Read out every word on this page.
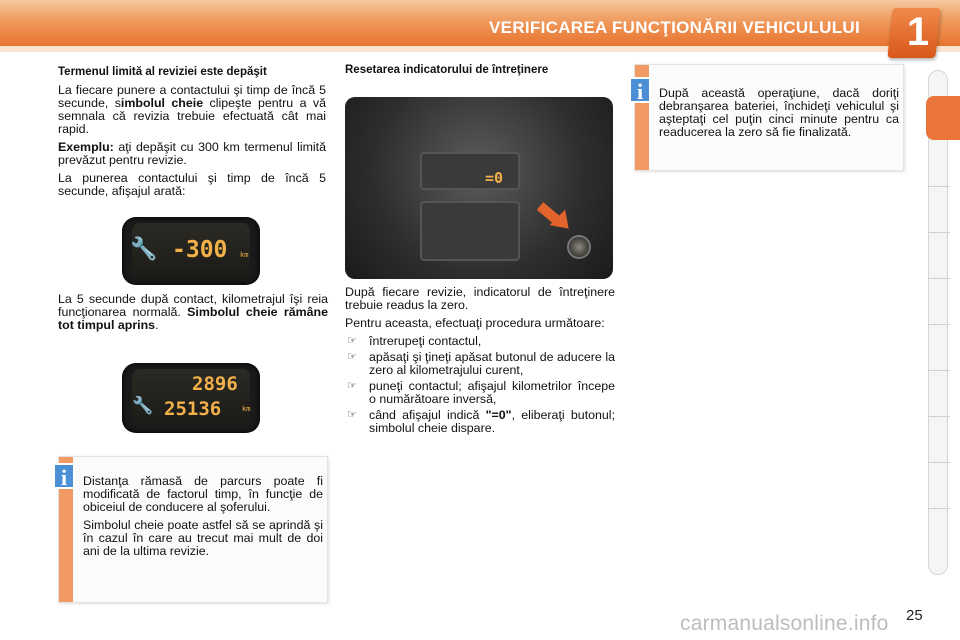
VERIFICAREA FUNCŢIONĂRII VEHICULULUI 1
Termenul limită al reviziei este depăşit

La fiecare punere a contactului şi timp de încă 5 secunde, simbolul cheie clipeşte pentru a vă semnala că revizia trebuie efectuată cât mai rapid.

Exemplu: aţi depăşit cu 300 km termenul limită prevăzut pentru revizie.

La punerea contactului şi timp de încă 5 secunde, afişajul arată:

🔧 -300 km

La 5 secunde după contact, kilometrajul îşi reia funcţionarea normală. Simbolul cheie rămâne tot timpul aprins.

2896
🔧 25136	km
i	Distanţa rămasă de parcurs poate fi modificată de factorul timp, în funcţie de obiceiul de conducere al şoferului.

Simbolul cheie poate astfel să se aprindă şi în cazul în care au trecut mai mult de doi ani de la ultima revizie.

Resetarea indicatorului de întreţinere
=0

După fiecare revizie, indicatorul de întreţinere trebuie readus la zero.

Pentru aceasta, efectuaţi procedura următoare:

☞ întrerupeţi contactul,
☞ apăsaţi şi ţineţi apăsat butonul de aducere la zero al kilometrajului curent,
☞ puneţi contactul; afişajul kilometrilor începe o numărătoare inversă,
☞ când afişajul indică "=0", eliberaţi butonul; simbolul cheie dispare.
i	După această operaţiune, dacă doriţi debranşarea bateriei, închideţi vehiculul şi aşteptaţi cel puţin cinci minute pentru ca readucerea la zero să fie finalizată.

carmanualsonline.info 25
